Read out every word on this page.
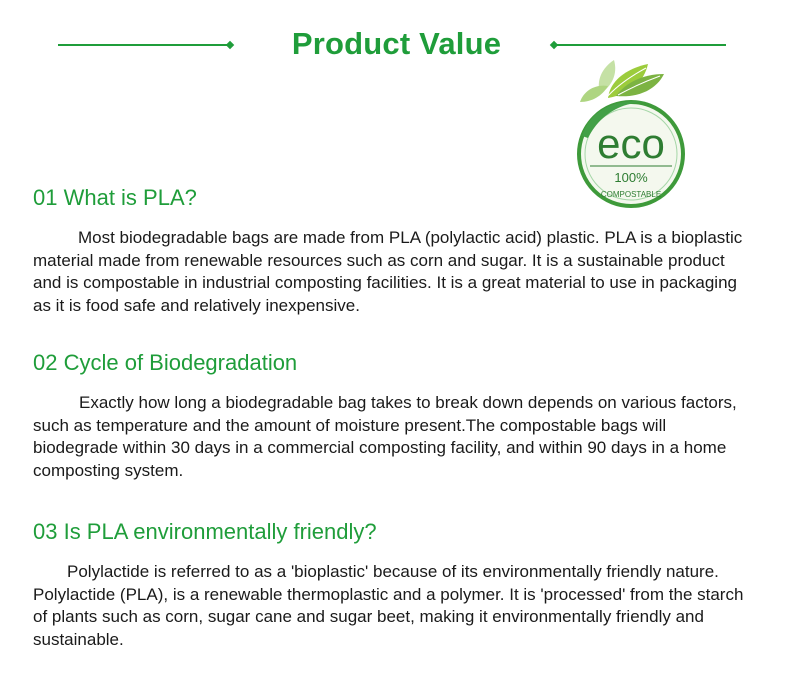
Product Value
eco
100%
COMPOSTABLE
01 What is PLA?

Most biodegradable bags are made from PLA (polylactic acid) plastic. PLA is a bioplastic material made from renewable resources such as corn and sugar. It is a sustainable product and is compostable in industrial composting facilities. It is a great material to use in packaging as it is food safe and relatively inexpensive.

02 Cycle of Biodegradation

Exactly how long a biodegradable bag takes to break down depends on various factors, such as temperature and the amount of moisture present.The compostable bags will biodegrade within 30 days in a commercial composting facility, and within 90 days in a home composting system.

03 Is PLA environmentally friendly?

Polylactide is referred to as a 'bioplastic' because of its environmentally friendly nature. Polylactide (PLA), is a renewable thermoplastic and a polymer. It is 'processed' from the starch of plants such as corn, sugar cane and sugar beet, making it environmentally friendly and sustainable.
